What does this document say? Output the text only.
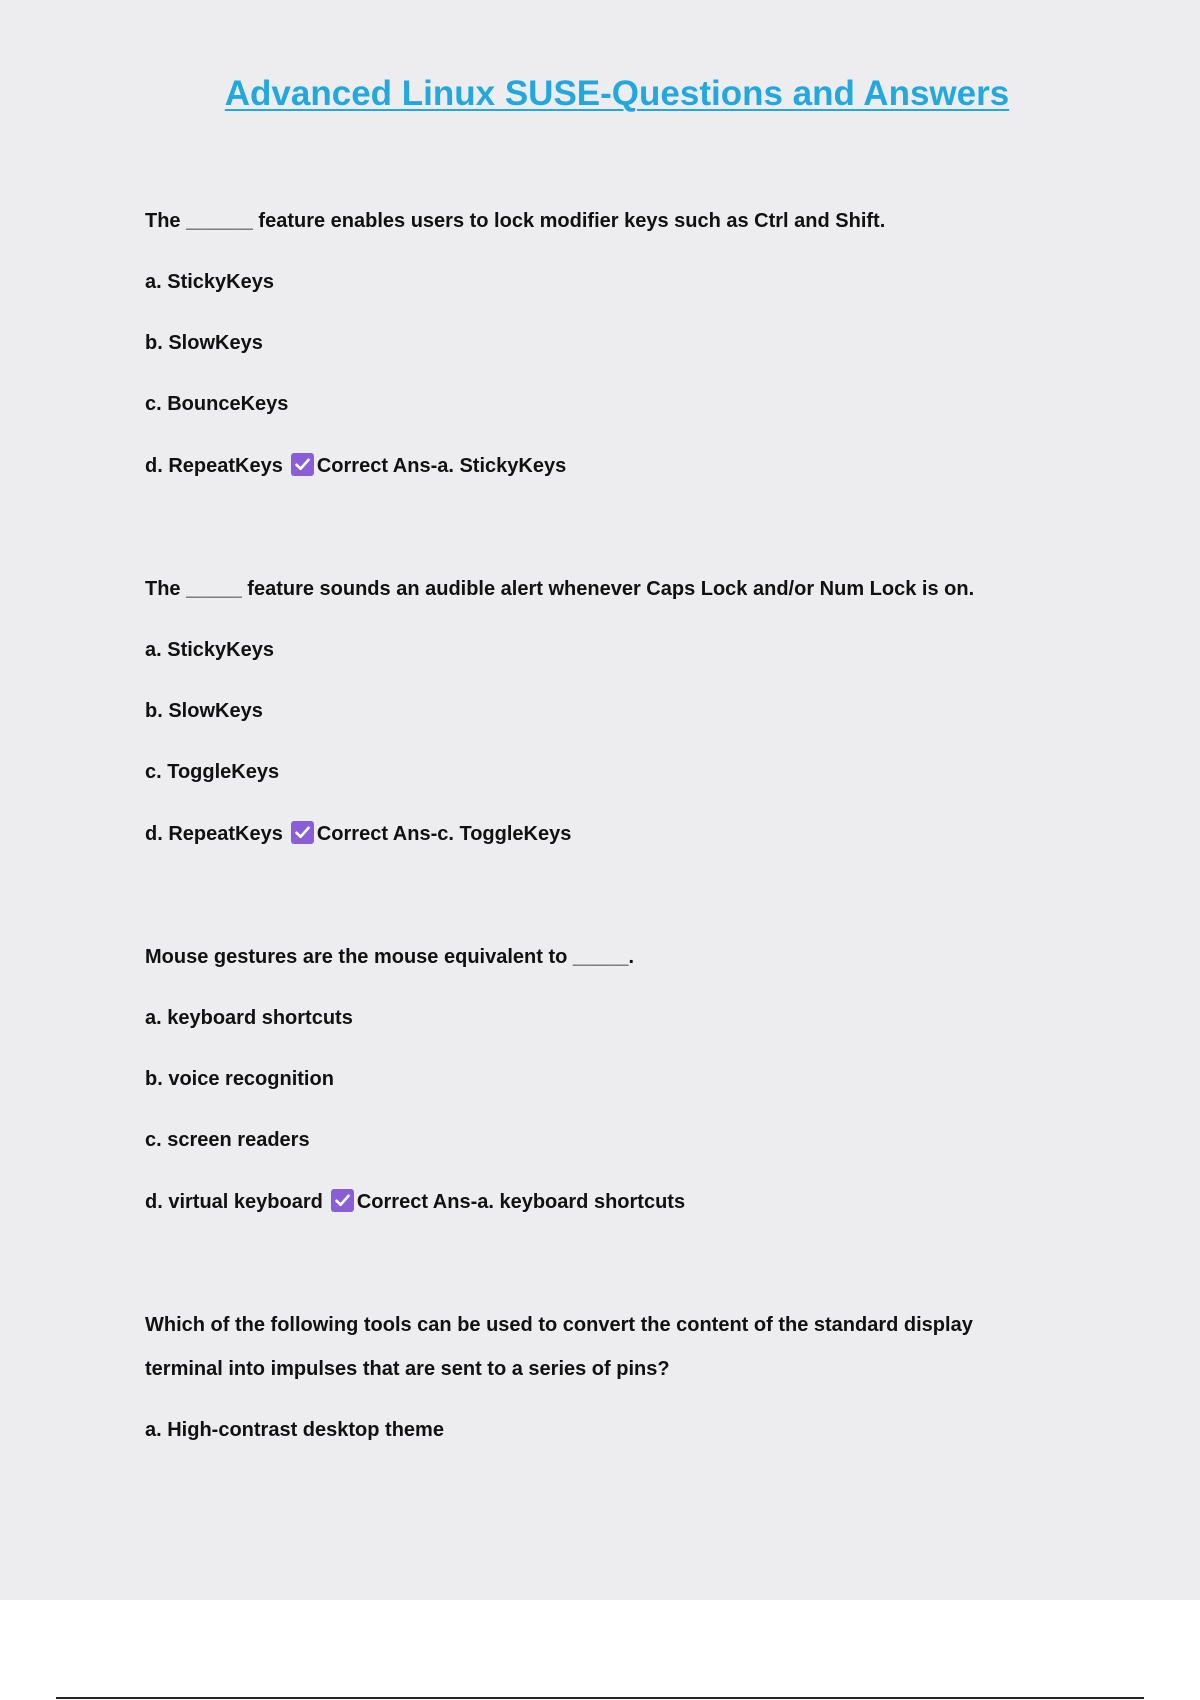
Advanced Linux SUSE-Questions and Answers
The ______ feature enables users to lock modifier keys such as Ctrl and Shift.
a. StickyKeys
b. SlowKeys
c. BounceKeys
d. RepeatKeys Correct Ans-a. StickyKeys
The _____ feature sounds an audible alert whenever Caps Lock and/or Num Lock is on.
a. StickyKeys
b. SlowKeys
c. ToggleKeys
d. RepeatKeys Correct Ans-c. ToggleKeys
Mouse gestures are the mouse equivalent to _____.
a. keyboard shortcuts
b. voice recognition
c. screen readers
d. virtual keyboard Correct Ans-a. keyboard shortcuts
Which of the following tools can be used to convert the content of the standard display
terminal into impulses that are sent to a series of pins?
a. High-contrast desktop theme
